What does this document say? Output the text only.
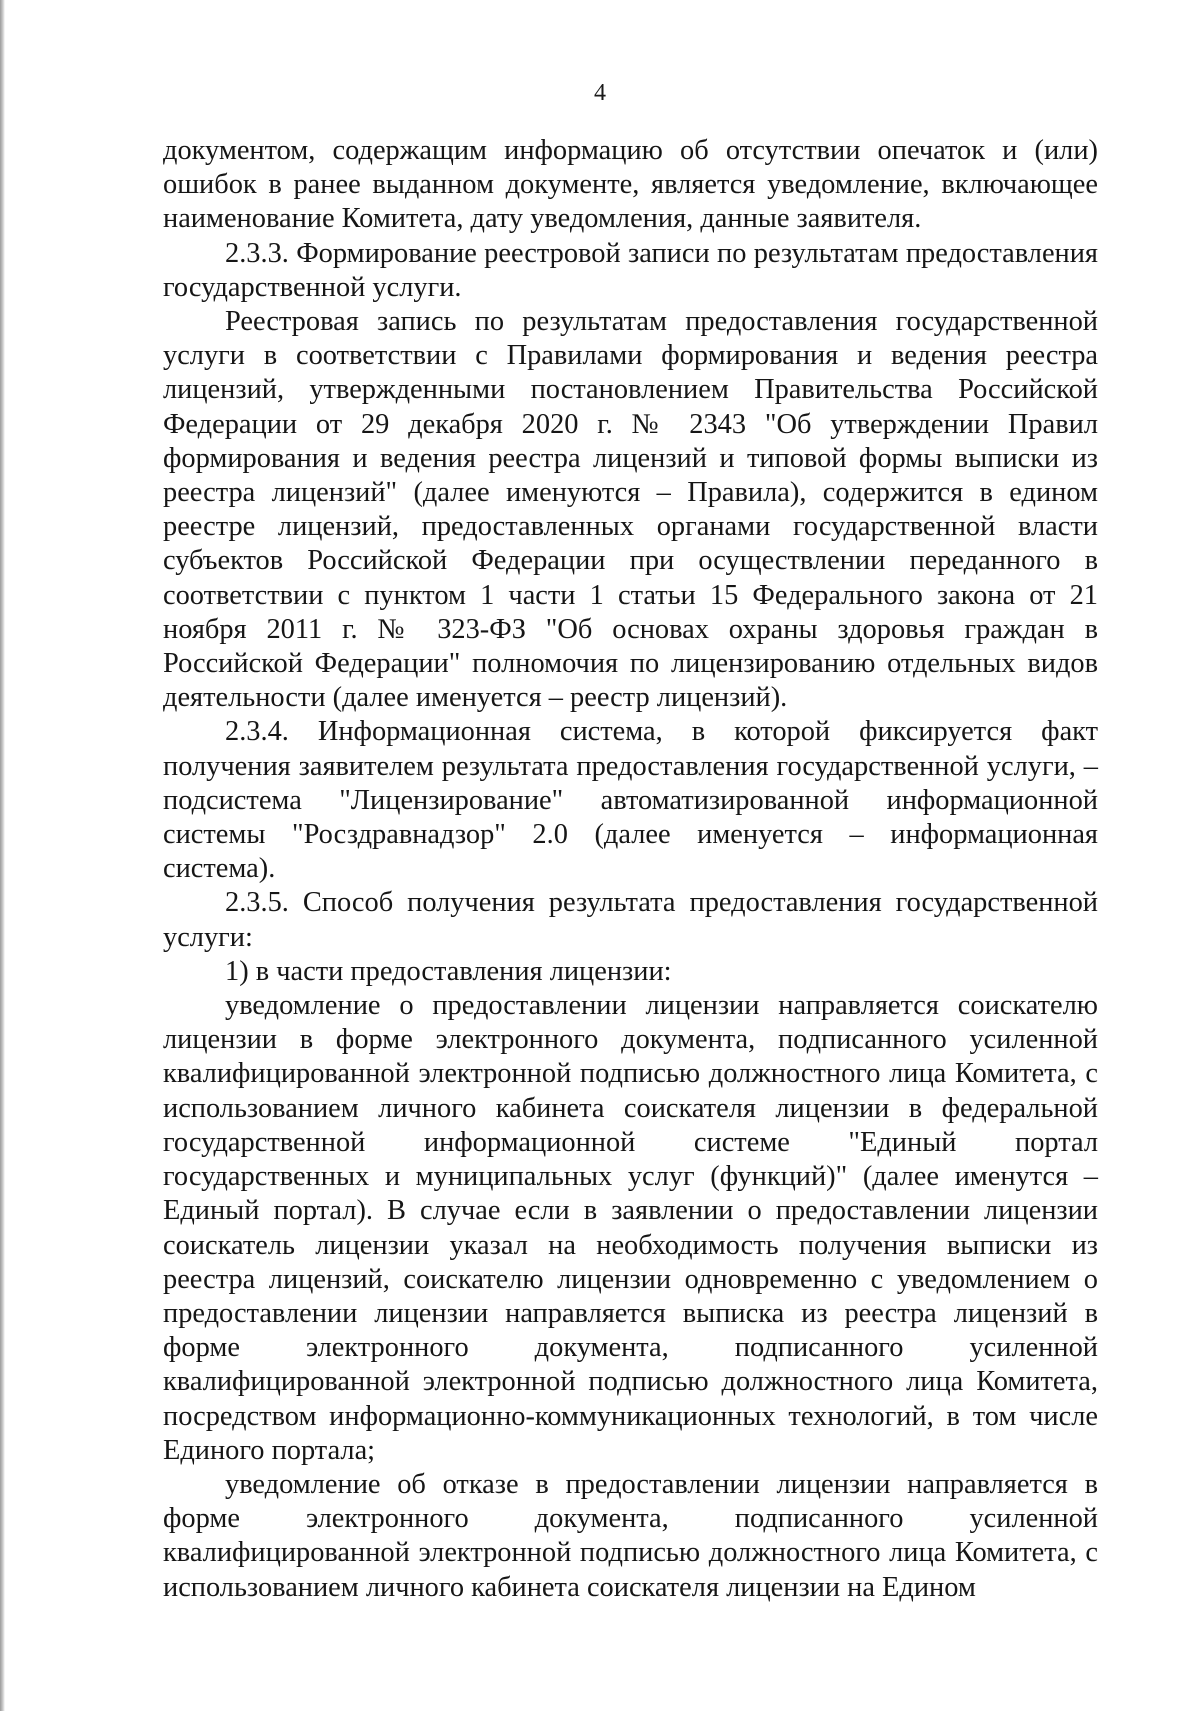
4

документом, содержащим информацию об отсутствии опечаток и (или) ошибок в ранее выданном документе, является уведомление, включающее наименование Комитета, дату уведомления, данные заявителя.

2.3.3. Формирование реестровой записи по результатам предоставления государственной услуги.

Реестровая запись по результатам предоставления государственной услуги в соответствии с Правилами формирования и ведения реестра лицензий, утвержденными постановлением Правительства Российской Федерации от 29 декабря 2020 г. № 2343 "Об утверждении Правил формирования и ведения реестра лицензий и типовой формы выписки из реестра лицензий" (далее именуются – Правила), содержится в едином реестре лицензий, предоставленных органами государственной власти субъектов Российской Федерации при осуществлении переданного в соответствии с пунктом 1 части 1 статьи 15 Федерального закона от 21 ноября 2011 г. № 323-ФЗ "Об основах охраны здоровья граждан в Российской Федерации" полномочия по лицензированию отдельных видов деятельности (далее именуется – реестр лицензий).

2.3.4. Информационная система, в которой фиксируется факт получения заявителем результата предоставления государственной услуги, – подсистема "Лицензирование" автоматизированной информационной системы "Росздравнадзор" 2.0 (далее именуется – информационная система).

2.3.5. Способ получения результата предоставления государственной услуги:

1) в части предоставления лицензии:

уведомление о предоставлении лицензии направляется соискателю лицензии в форме электронного документа, подписанного усиленной квалифицированной электронной подписью должностного лица Комитета, с использованием личного кабинета соискателя лицензии в федеральной государственной информационной системе "Единый портал государственных и муниципальных услуг (функций)" (далее именутся – Единый портал). В случае если в заявлении о предоставлении лицензии соискатель лицензии указал на необходимость получения выписки из реестра лицензий, соискателю лицензии одновременно с уведомлением о предоставлении лицензии направляется выписка из реестра лицензий в форме электронного документа, подписанного усиленной квалифицированной электронной подписью должностного лица Комитета, посредством информационно-коммуникационных технологий, в том числе Единого портала;

уведомление об отказе в предоставлении лицензии направляется в форме электронного документа, подписанного усиленной квалифицированной электронной подписью должностного лица Комитета, с использованием личного кабинета соискателя лицензии на Едином
